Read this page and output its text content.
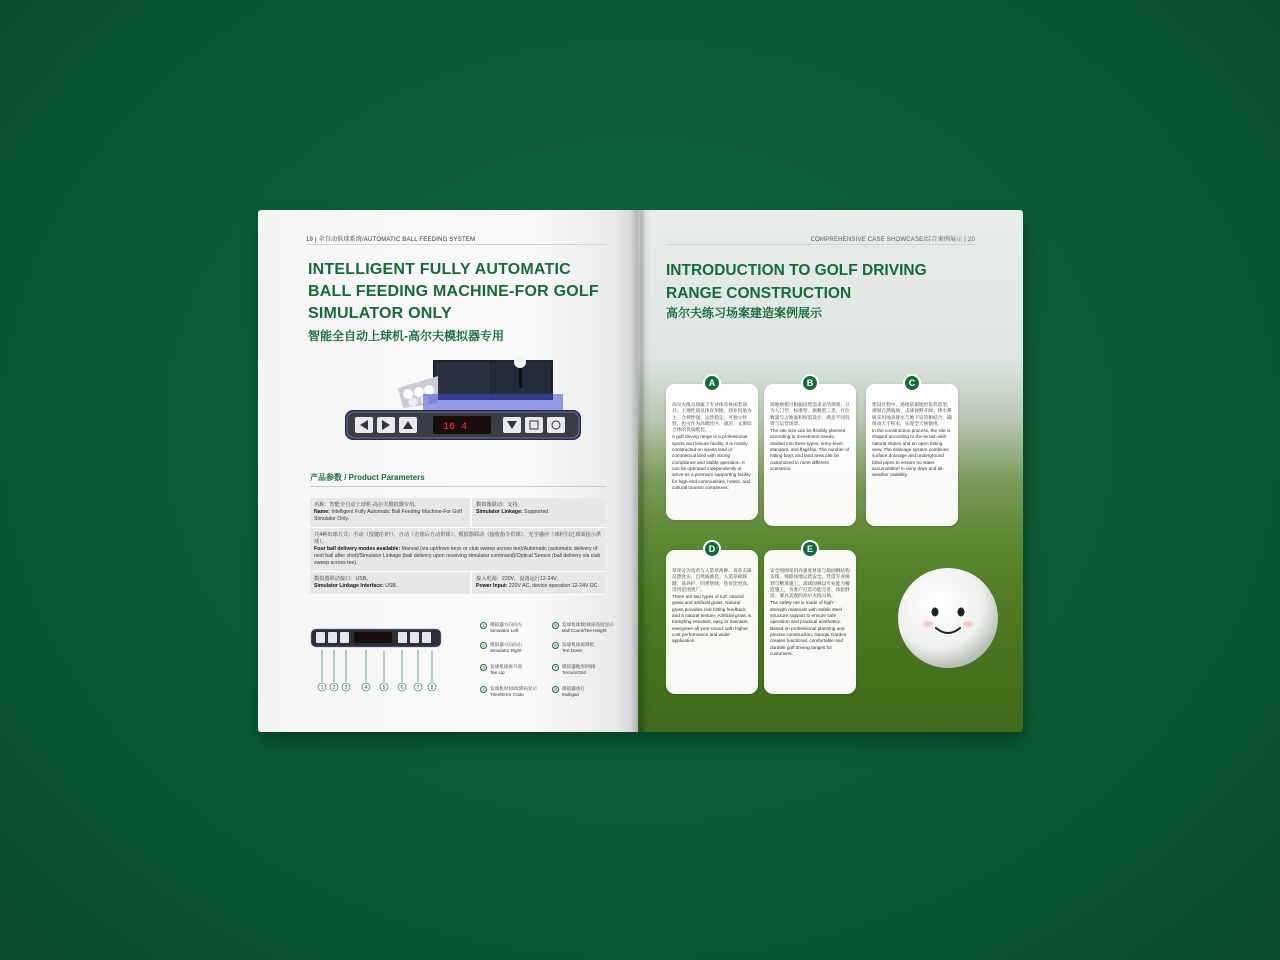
19 | 全自动供球系统/AUTOMATIC BALL FEEDING SYSTEM
INTELLIGENT FULLY AUTOMATIC BALL FEEDING MACHINE-FOR GOLF SIMULATOR ONLY
智能全自动上球机-高尔夫模拟器专用
16 4
产品参数 / Product Parameters
名称：智能全自动上球机-高尔夫模拟器专用。
Name: Intelligent Fully Automatic Ball Feeding Machine-For Golf Simulator Only.
模拟器联动：支持。
Simulator Linkage: Supported.
共4种出球方式：手动（按键/扫杆）、自动（击球后自动供球）、模拟器联动（接收指令供球）、光学感应（球杆扫过球面指示供球）。
Four ball delivery modes available: Manual (via up/down keys or club sweep across tee)/Automatic (automatic delivery of next ball after shot)/Simulator Linkage (ball delivery upon receiving simulator command)/Optical Sensor (ball delivery via club sweep across tee).
模拟器联动接口：USB。
Simulator Linkage Interface: USB.
接入电源：220V，设备运行12-24V。
Power Input: 220V AC, device operation 12-24V DC.
1 2 3	4	5	6	7 8
1	模拟器方向向左
Simulator Left
5	发球机球数/球座高度显示
Ball Count/Tee Height
2	模拟器方向向右
Simulator Right
6	发球机球座降低
Tee Down
3	发球机球座升高
Tee Up
7	模拟器地形/网格
Terrain/Grid
4	发球机时间/故障码显示
Time/Error Code
8	模拟器重打
Mulligan
COMPREHENSIVE CASE SHOWCASE/综合案例展示 | 20
INTRODUCTION TO GOLF DRIVING RANGE CONSTRUCTION
高尔夫练习场案建造案例展示
A

高尔夫练习场属于专业体育休闲类项目。土地性质以体育用地、商业用地为主，合规性强，运营稳定，可独立经营，也可作为高端社区、酒店、文旅综合体的优质配套。

A golf driving range is a professional sports and leisure facility. It is mainly constructed on sports land or commercial land with strong compliance and stable operation. It can be operated independently or serve as a premium supporting facility for high-end communities, hotels, and cultural tourism complexes.

B

场地规模可根据投资需求灵活规划，分为入门型、标准型、旗舰型三类，打位数量与占地面积按需设计，满足不同投资与运营场景。

The site size can be flexibly planned according to investment needs, divided into three types: entry-level, standard, and flagship. The number of hitting bays and land area can be customized to meet different scenarios.

C

建设过程中，场地依据地形依势造型，规划自然坡地、击球视野开阔；排水系统采用地表排水与地下盲管相结合，确保雨天不积水，实现全天候使用。

In the construction process, the site is shaped according to the terrain with natural slopes and an open hitting view. The drainage system combines surface drainage and underground blind pipes to ensure no water accumulation in rainy days and all-weather usability.

D

草坪分为真草与人造草两种。真草击球反馈真实、自然质感佳；人造草耐踩踏、易养护、四季常绿，性价比更高，适用范围更广。

There are two types of turf: natural grass and artificial grass. Natural grass provides real hitting feedback and a natural texture. Artificial grass is trampling-resistant, easy to maintain, evergreen all year round, with higher cost performance and wider application.

E

安全围网采用高强度材质与稳固钢结构支撑，保障场地运营安全。凭借专业规划与精准施工，高球园林以专业能力精造施工，为客户打造功能完善、体验舒适、兼具美观的高尔夫练习场。

The safety net is made of high-strength materials with stable steel structure support to ensure safe operation and practical aesthetics. Based on professional planning and precise construction, Gaoqiu Garden creates functional, comfortable and durable golf driving ranges for customers.
